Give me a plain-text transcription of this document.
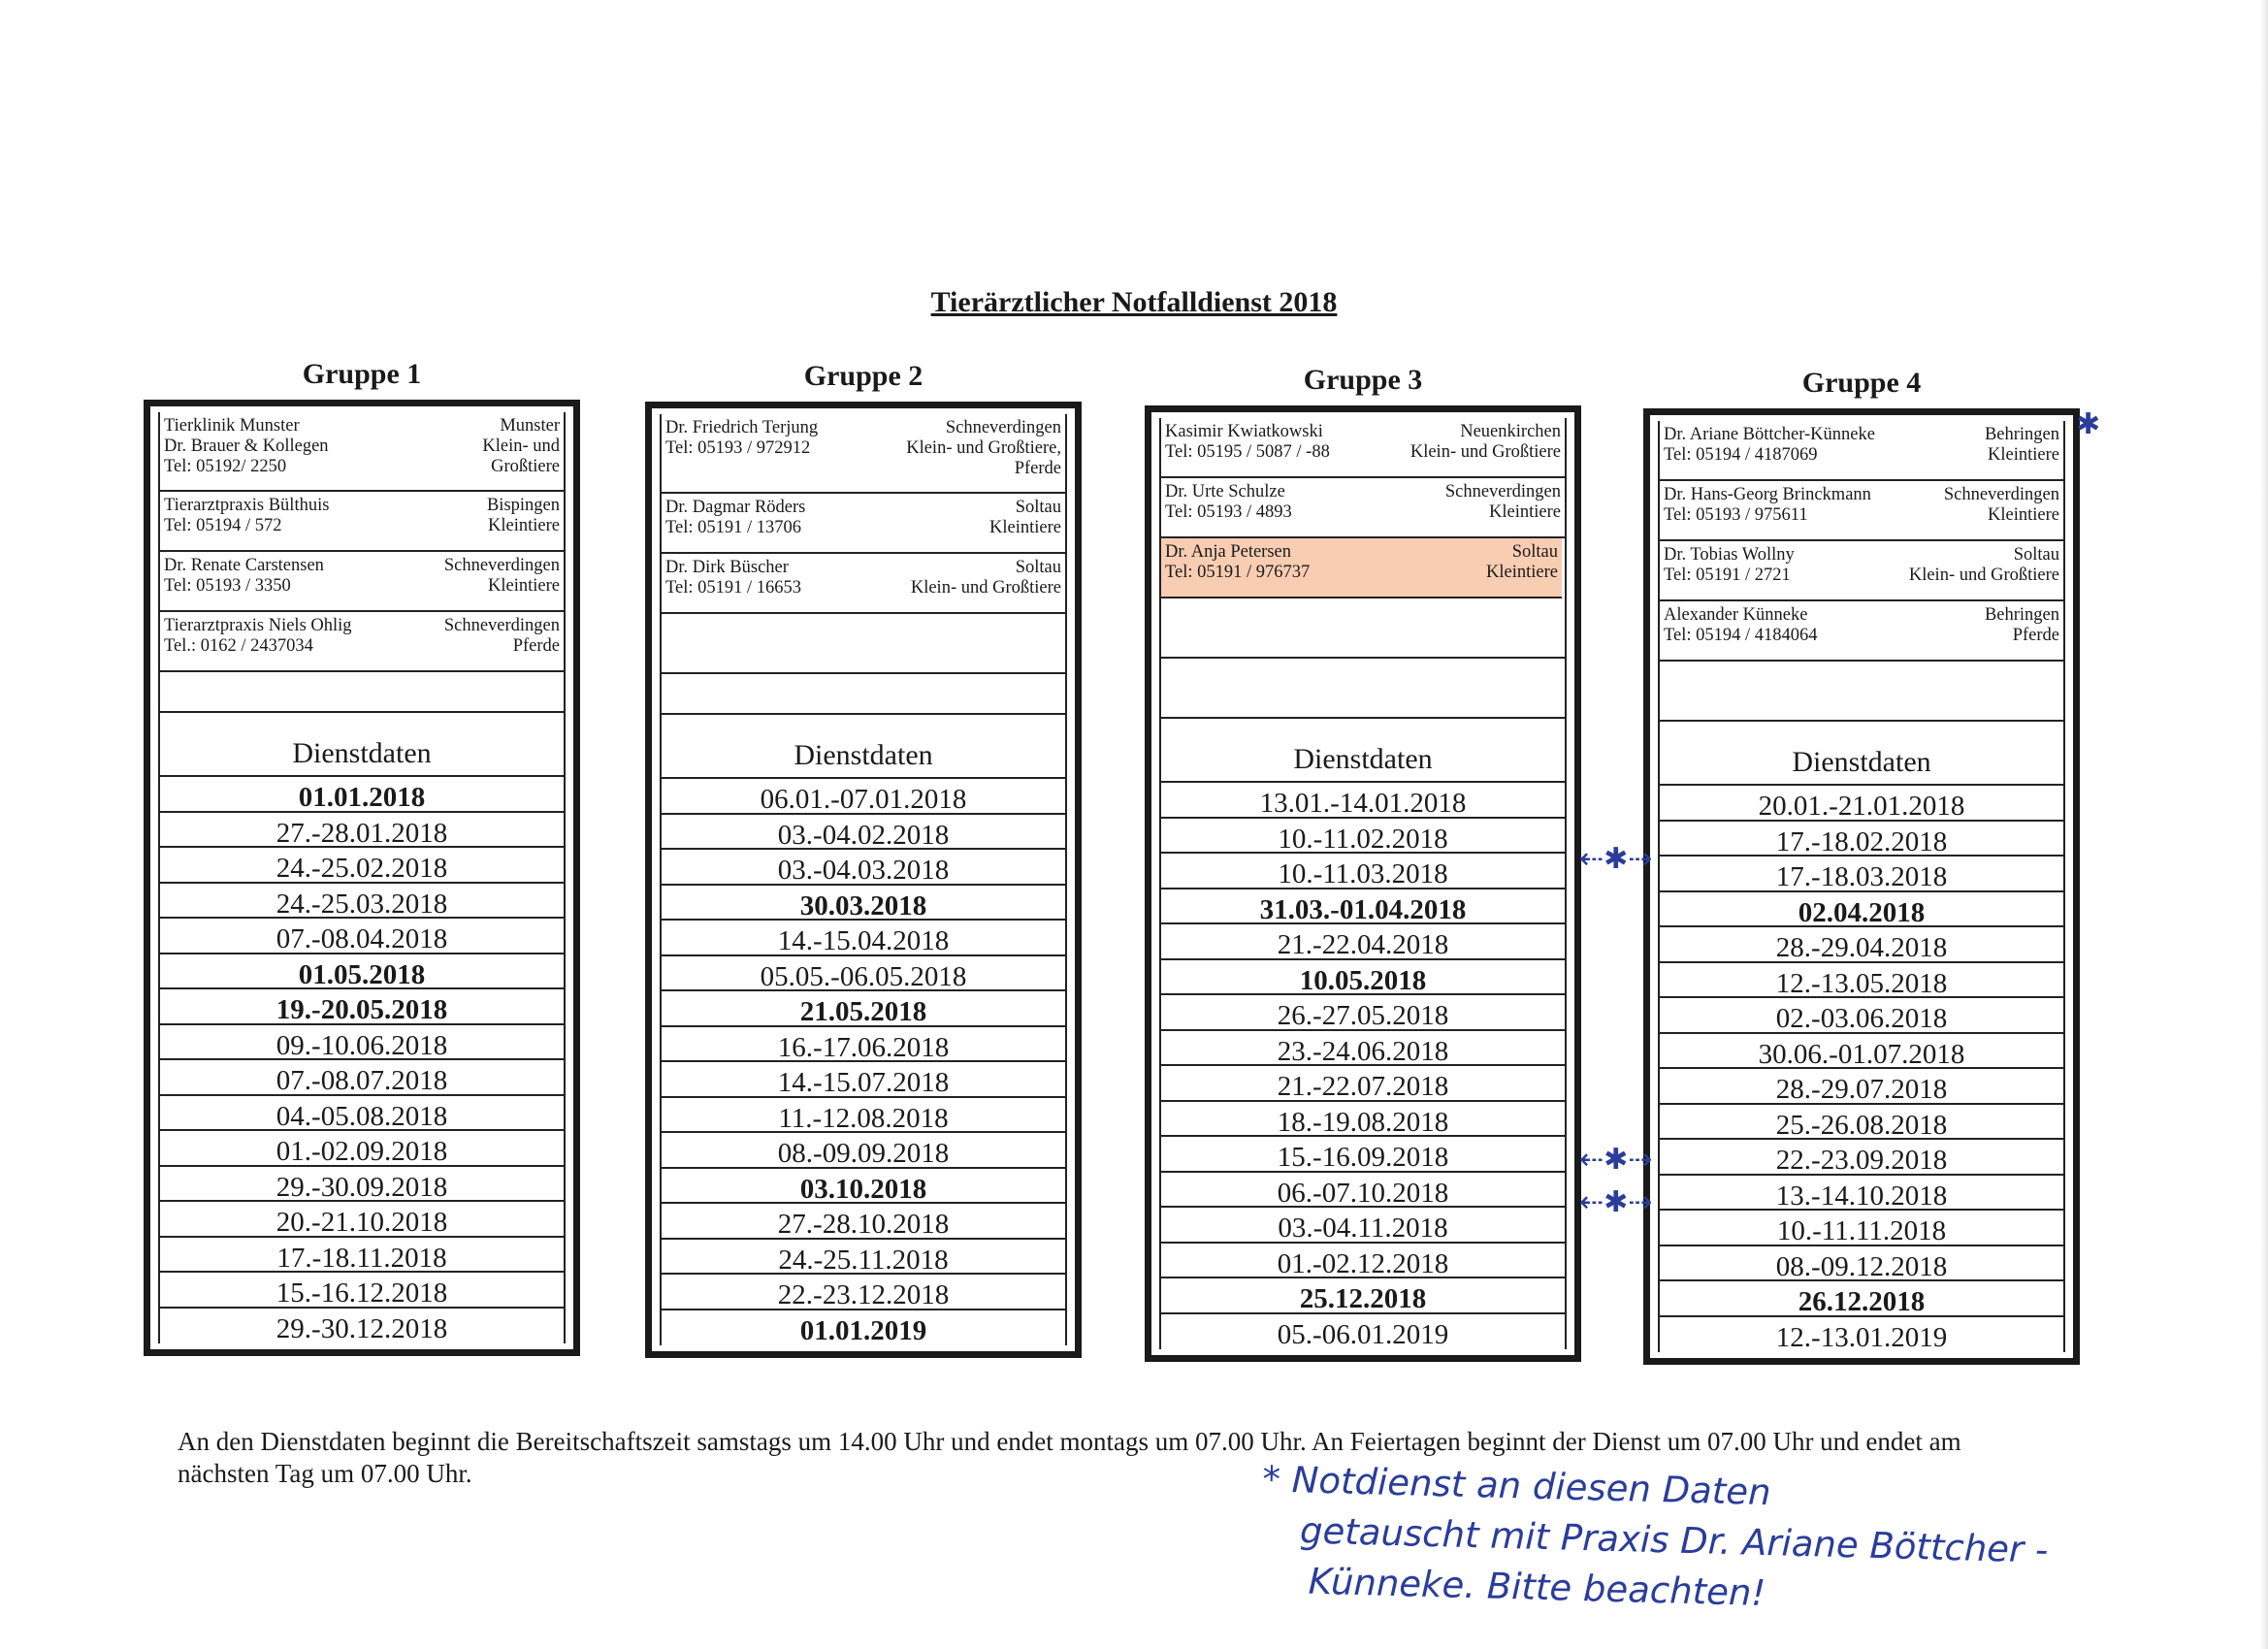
Tierärztlicher Notfalldienst 2018
Gruppe 1
Tierklinik Munster
Dr. Brauer & Kollegen
Tel: 05192/ 2250
Munster
Klein- und
Großtiere
Tierarztpraxis Bülthuis
Tel: 05194 / 572
Bispingen
Kleintiere
Dr. Renate Carstensen
Tel: 05193 / 3350
Schneverdingen
Kleintiere
Tierarztpraxis Niels Ohlig
Tel.: 0162 / 2437034
Schneverdingen
Pferde
Dienstdaten
01.01.2018
27.-28.01.2018
24.-25.02.2018
24.-25.03.2018
07.-08.04.2018
01.05.2018
19.-20.05.2018
09.-10.06.2018
07.-08.07.2018
04.-05.08.2018
01.-02.09.2018
29.-30.09.2018
20.-21.10.2018
17.-18.11.2018
15.-16.12.2018
29.-30.12.2018
Gruppe 2
Dr. Friedrich Terjung
Tel: 05193 / 972912
Schneverdingen
Klein- und Großtiere,
Pferde
Dr. Dagmar Röders
Tel: 05191 / 13706
Soltau
Kleintiere
Dr. Dirk Büscher
Tel: 05191 / 16653
Soltau
Klein- und Großtiere
Dienstdaten
06.01.-07.01.2018
03.-04.02.2018
03.-04.03.2018
30.03.2018
14.-15.04.2018
05.05.-06.05.2018
21.05.2018
16.-17.06.2018
14.-15.07.2018
11.-12.08.2018
08.-09.09.2018
03.10.2018
27.-28.10.2018
24.-25.11.2018
22.-23.12.2018
01.01.2019
Gruppe 3
Kasimir Kwiatkowski
Tel: 05195 / 5087 / -88
Neuenkirchen
Klein- und Großtiere
Dr. Urte Schulze
Tel: 05193 / 4893
Schneverdingen
Kleintiere
Dr. Anja Petersen
Tel: 05191 / 976737
Soltau
Kleintiere
Dienstdaten
13.01.-14.01.2018
10.-11.02.2018
10.-11.03.2018
31.03.-01.04.2018
21.-22.04.2018
10.05.2018
26.-27.05.2018
23.-24.06.2018
21.-22.07.2018
18.-19.08.2018
15.-16.09.2018
06.-07.10.2018
03.-04.11.2018
01.-02.12.2018
25.12.2018
05.-06.01.2019
Gruppe 4
Dr. Ariane Böttcher-Künneke
Tel: 05194 / 4187069
Behringen
Kleintiere
Dr. Hans-Georg Brinckmann
Tel: 05193 / 975611
Schneverdingen
Kleintiere
Dr. Tobias Wollny
Tel: 05191 / 2721
Soltau
Klein- und Großtiere
Alexander Künneke
Tel: 05194 / 4184064
Behringen
Pferde
Dienstdaten
20.01.-21.01.2018
17.-18.02.2018
17.-18.03.2018
02.04.2018
28.-29.04.2018
12.-13.05.2018
02.-03.06.2018
30.06.-01.07.2018
28.-29.07.2018
25.-26.08.2018
22.-23.09.2018
13.-14.10.2018
10.-11.11.2018
08.-09.12.2018
26.12.2018
12.-13.01.2019
An den Dienstdaten beginnt die Bereitschaftszeit samstags um 14.00 Uhr und endet montags um 07.00 Uhr. An Feiertagen beginnt der Dienst um 07.00 Uhr und endet am nächsten Tag um 07.00 Uhr.	* Notdienst an diesen Daten
getauscht mit Praxis Dr. Ariane Böttcher -
Künneke. Bitte beachten!
✱
⇠✱⇢
⇠✱⇢
⇠✱⇢
